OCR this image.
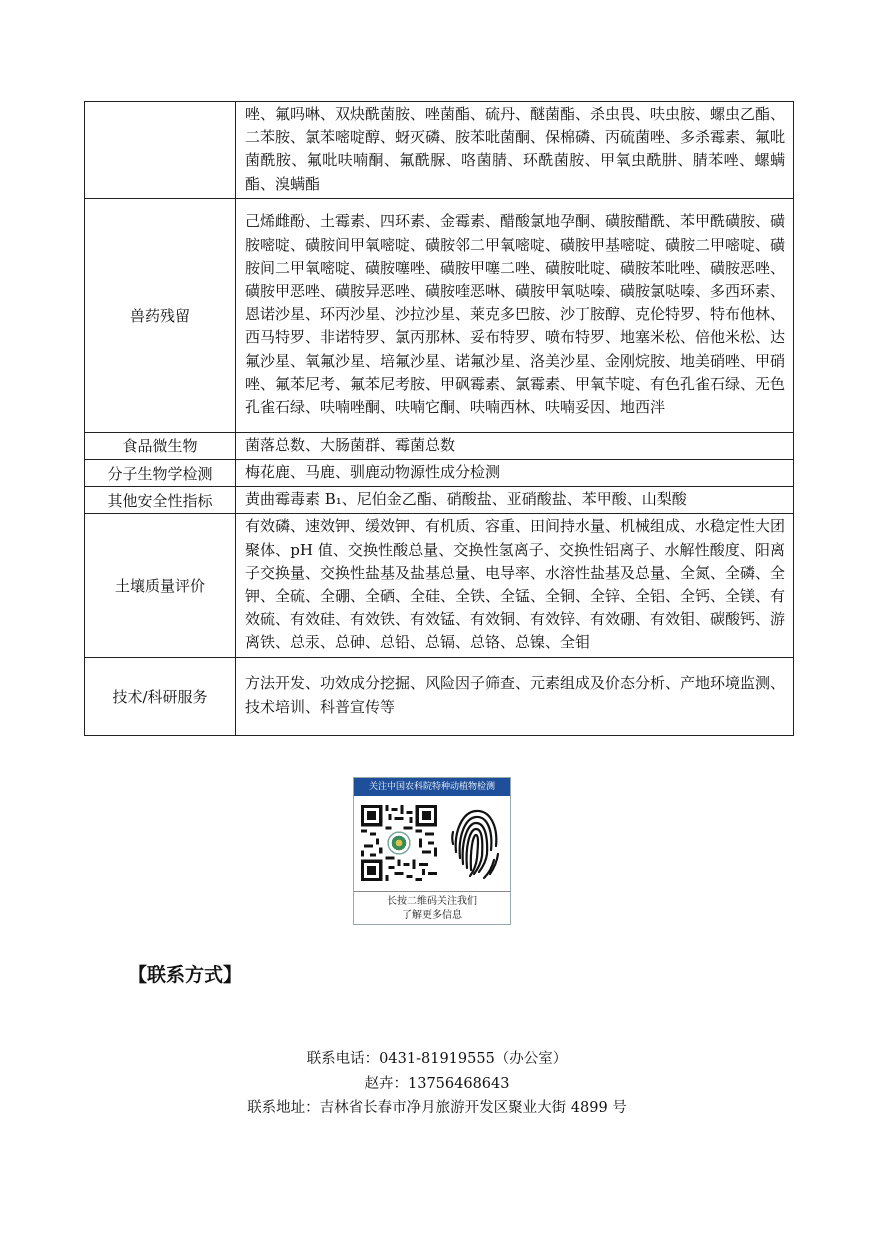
	唑、氟吗啉、双炔酰菌胺、唑菌酯、硫丹、醚菌酯、杀虫畏、呋虫胺、螺虫乙酯、二苯胺、氯苯嘧啶醇、蚜灭磷、胺苯吡菌酮、保棉磷、丙硫菌唑、多杀霉素、氟吡菌酰胺、氟吡呋喃酮、氟酰脲、咯菌腈、环酰菌胺、甲氧虫酰肼、腈苯唑、螺螨酯、溴螨酯
兽药残留	己烯雌酚、土霉素、四环素、金霉素、醋酸氯地孕酮、磺胺醋酰、苯甲酰磺胺、磺胺嘧啶、磺胺间甲氧嘧啶、磺胺邻二甲氧嘧啶、磺胺甲基嘧啶、磺胺二甲嘧啶、磺胺间二甲氧嘧啶、磺胺噻唑、磺胺甲噻二唑、磺胺吡啶、磺胺苯吡唑、磺胺恶唑、磺胺甲恶唑、磺胺异恶唑、磺胺喹恶啉、磺胺甲氧哒嗪、磺胺氯哒嗪、多西环素、恩诺沙星、环丙沙星、沙拉沙星、莱克多巴胺、沙丁胺醇、克伦特罗、特布他林、西马特罗、非诺特罗、氯丙那林、妥布特罗、喷布特罗、地塞米松、倍他米松、达氟沙星、氧氟沙星、培氟沙星、诺氟沙星、洛美沙星、金刚烷胺、地美硝唑、甲硝唑、氟苯尼考、氟苯尼考胺、甲砜霉素、氯霉素、甲氧苄啶、有色孔雀石绿、无色孔雀石绿、呋喃唑酮、呋喃它酮、呋喃西林、呋喃妥因、地西泮
食品微生物	菌落总数、大肠菌群、霉菌总数
分子生物学检测	梅花鹿、马鹿、驯鹿动物源性成分检测
其他安全性指标	黄曲霉毒素 B₁、尼伯金乙酯、硝酸盐、亚硝酸盐、苯甲酸、山梨酸
土壤质量评价	有效磷、速效钾、缓效钾、有机质、容重、田间持水量、机械组成、水稳定性大团聚体、pH 值、交换性酸总量、交换性氢离子、交换性铝离子、水解性酸度、阳离子交换量、交换性盐基及盐基总量、电导率、水溶性盐基及总量、全氮、全磷、全钾、全硫、全硼、全硒、全硅、全铁、全锰、全铜、全锌、全铝、全钙、全镁、有效硫、有效硅、有效铁、有效锰、有效铜、有效锌、有效硼、有效钼、碳酸钙、游离铁、总汞、总砷、总铅、总镉、总铬、总镍、全钼
技术/科研服务	方法开发、功效成分挖掘、风险因子筛查、元素组成及价态分析、产地环境监测、技术培训、科普宣传等
关注中国农科院特种动植物检测
长按二维码关注我们
了解更多信息
【联系方式】
联系电话：0431-81919555（办公室）
赵卉：13756468643
联系地址：吉林省长春市净月旅游开发区聚业大街 4899 号
